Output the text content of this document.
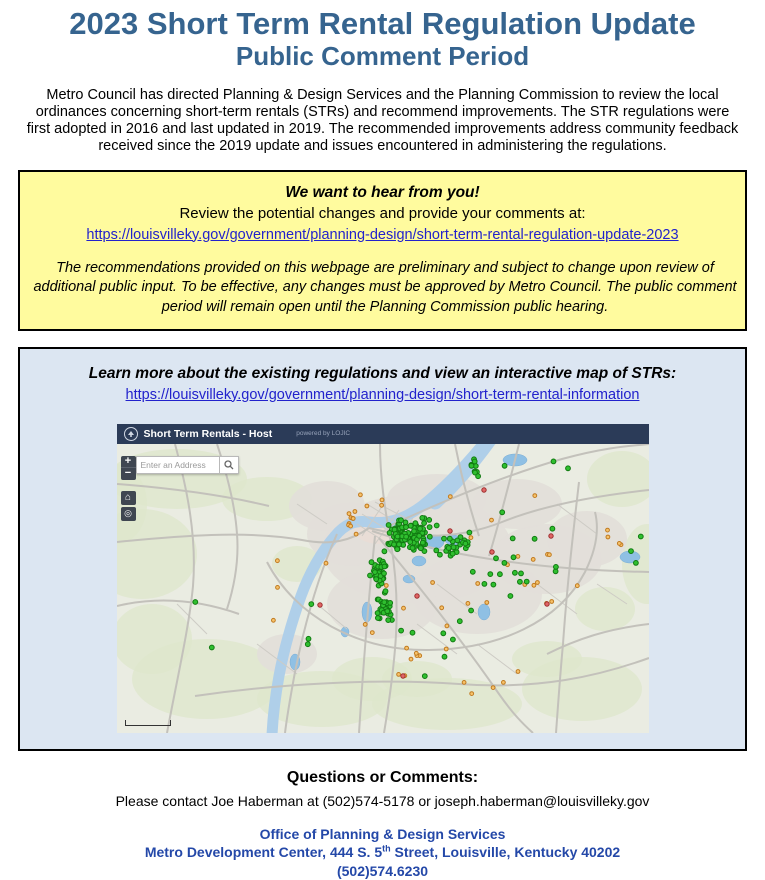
2023 Short Term Rental Regulation Update
Public Comment Period

Metro Council has directed Planning & Design Services and the Planning Commission to review the local ordinances concerning short-term rentals (STRs) and recommend improvements. The STR regulations were first adopted in 2016 and last updated in 2019. The recommended improvements address community feedback received since the 2019 update and issues encountered in administering the regulations.

We want to hear from you!
Review the potential changes and provide your comments at:
https://louisvilleky.gov/government/planning-design/short-term-rental-regulation-update-2023

The recommendations provided on this webpage are preliminary and subject to change upon review of additional public input. To be effective, any changes must be approved by Metro Council. The public comment period will remain open until the Planning Commission public hearing.

Learn more about the existing regulations and view an interactive map of STRs:
https://louisvilleky.gov/government/planning-design/short-term-rental-information
Short Term Rentals - Host	powered by LOJIC
Enter an Address
+
−
⌂
◎
Questions or Comments:
Please contact Joe Haberman at (502)574-5178 or joseph.haberman@louisvilleky.gov
Office of Planning & Design Services
Metro Development Center, 444 S. 5th Street, Louisville, Kentucky 40202
(502)574.6230
